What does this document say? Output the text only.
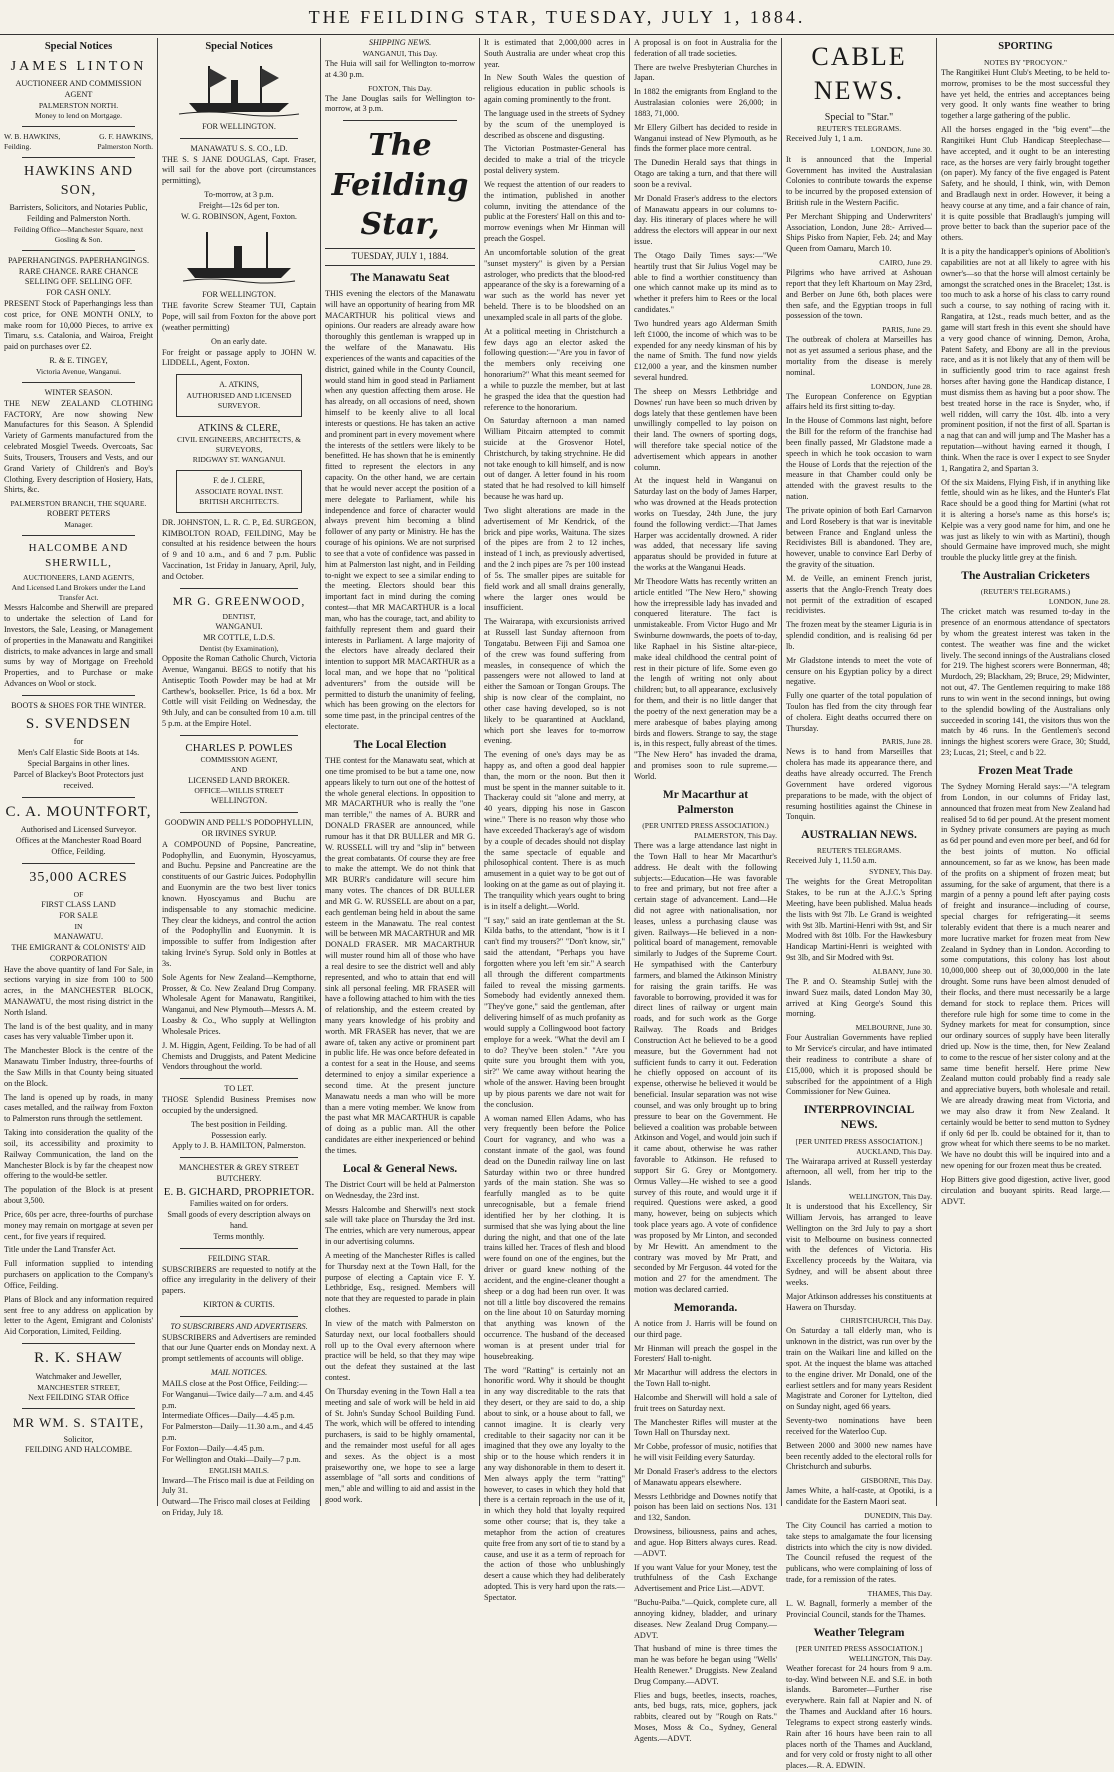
THE FEILDING STAR, TUESDAY, JULY 1, 1884.
Special Notices
JAMES LINTON
AUCTIONEER AND COMMISSION AGENT
PALMERSTON NORTH.
Money to lend on Mortgage.
W. B. HAWKINS, Feilding.
G. F. HAWKINS, Palmerston North.
HAWKINS AND SON,
Barristers, Solicitors, and Notaries Public,
Feilding and Palmerston North.
Feilding Office—Manchester Square, next Gosling & Son.
PAPERHANGINGS. PAPERHANGINGS.
RARE CHANCE. RARE CHANCE
SELLING OFF. SELLING OFF.
FOR CASH ONLY.

PRESENT Stock of Paperhangings less than cost price, for ONE MONTH ONLY, to make room for 10,000 Pieces, to arrive ex Timaru, s.s. Catalonia, and Wairoa, Freight paid on purchases over £2.

R. & E. TINGEY,
Victoria Avenue, Wanganui.
WINTER SEASON.

THE NEW ZEALAND CLOTHING FACTORY, Are now showing New Manufactures for this Season. A Splendid Variety of Garments manufactured from the celebrated Mosgiel Tweeds. Overcoats, Sac Suits, Trousers, Trousers and Vests, and our Grand Variety of Children's and Boy's Clothing. Every description of Hosiery, Hats, Shirts, &c.

PALMERSTON BRANCH, THE SQUARE.
ROBERT PETERS
Manager.
HALCOMBE AND SHERWILL,
AUCTIONEERS, LAND AGENTS,
And Licensed Land Brokers under the Land Transfer Act.

Messrs Halcombe and Sherwill are prepared to undertake the selection of Land for Investors, the Sale, Leasing, or Management of properties in the Manawatu and Rangitikei districts, to make advances in large and small sums by way of Mortgage on Freehold Properties, and to Purchase or make Advances on Wool or stock.

BOOTS & SHOES FOR THE WINTER.
S. SVENDSEN
for
Men's Calf Elastic Side Boots at 14s.
Special Bargains in other lines.
Parcel of Blackey's Boot Protectors just received.
C. A. MOUNTFORT,
Authorised and Licensed Surveyor.
Offices at the Manchester Road Board Office, Feilding.
35,000 ACRES
OF
FIRST CLASS LAND
FOR SALE
IN
MANAWATU.
THE EMIGRANT & COLONISTS' AID CORPORATION

Have the above quantity of land For Sale, in sections varying in size from 100 to 500 acres, in the MANCHESTER BLOCK, MANAWATU, the most rising district in the North Island.

The land is of the best quality, and in many cases has very valuable Timber upon it.

The Manchester Block is the centre of the Manawatu Timber Industry, three-fourths of the Saw Mills in that County being situated on the Block.

The land is opened up by roads, in many cases metalled, and the railway from Foxton to Palmerston runs through the settlement.

Taking into consideration the quality of the soil, its accessibility and proximity to Railway Communication, the land on the Manchester Block is by far the cheapest now offering to the would-be settler.

The population of the Block is at present about 3,500.

Price, 60s per acre, three-fourths of purchase money may remain on mortgage at seven per cent., for five years if required.

Title under the Land Transfer Act.

Full information supplied to intending purchasers on application to the Company's Office, Feilding.

Plans of Block and any information required sent free to any address on application by letter to the Agent, Emigrant and Colonists' Aid Corporation, Limited, Feilding.

R. K. SHAW
Watchmaker and Jeweller,
MANCHESTER STREET,
Next FEILDING STAR Office
MR WM. S. STAITE,
Solicitor,
FEILDING AND HALCOMBE.
Special Notices
FOR WELLINGTON.
MANAWATU S. S. CO., LD.

THE S. S JANE DOUGLAS, Capt. Fraser, will sail for the above port (circumstances permitting),

To-morrow, at 3 p.m.
Freight—12s 6d per ton.
W. G. ROBINSON, Agent, Foxton.
FOR WELLINGTON.

THE favorite Screw Steamer TUI, Captain Pope, will sail from Foxton for the above port (weather permitting)

On an early date.

For freight or passage apply to JOHN W. LIDDELL, Agent, Foxton.

A. ATKINS,
AUTHORISED AND LICENSED SURVEYOR.
ATKINS & CLERE,
CIVIL ENGINEERS, ARCHITECTS, & SURVEYORS,
RIDGWAY ST. WANGANUI.
F. de J. CLERE,
ASSOCIATE ROYAL INST. BRITISH ARCHITECTS.

DR. JOHNSTON, L. R. C. P., Ed. SURGEON, KIMBOLTON ROAD, FEILDING, May be consulted at his residence between the hours of 9 and 10 a.m., and 6 and 7 p.m. Public Vaccination, 1st Friday in January, April, July, and October.

MR G. GREENWOOD,
DENTIST,
WANGANUI.
MR COTTLE, L.D.S.
Dentist (by Examination),

Opposite the Roman Catholic Church, Victoria Avenue, Wanganui. BEGS to notify that his Antiseptic Tooth Powder may be had at Mr Carthew's, bookseller. Price, 1s 6d a box. Mr Cottle will visit Feilding on Wednesday, the 9th July, and can be consulted from 10 a.m. till 5 p.m. at the Empire Hotel.

CHARLES P. POWLES
COMMISSION AGENT,
AND
LICENSED LAND BROKER.
OFFICE—WILLIS STREET
WELLINGTON.
GOODWIN AND PELL'S PODOPHYLLIN, OR IRVINES SYRUP.

A COMPOUND of Popsine, Pancreatine, Podophyllin, and Euonymin, Hyoscyamus, and Buchu. Pepsine and Pancreatine are the constituents of our Gastric Juices. Podophyllin and Euonymin are the two best liver tonics known. Hyoscyamus and Buchu are indispensable to any stomachic medicine. They clear the kidneys, and control the action of the Podophyllin and Euonymin. It is impossible to suffer from Indigestion after taking Irvine's Syrup. Sold only in Bottles at 3s.

Sole Agents for New Zealand—Kempthorne, Prosser, & Co. New Zealand Drug Company. Wholesale Agent for Manawatu, Rangitikei, Wanganui, and New Plymouth—Messrs A. M. Loasby & Co., Who supply at Wellington Wholesale Prices.

J. M. Higgin, Agent, Feilding. To be had of all Chemists and Druggists, and Patent Medicine Vendors throughout the world.

TO LET.

THOSE Splendid Business Premises now occupied by the undersigned.

The best position in Feilding.
Possession early.
Apply to J. B. HAMILTON, Palmerston.
MANCHESTER & GREY STREET BUTCHERY.
E. B. GICHARD, PROPRIETOR.
Families waited on for orders.
Small goods of every description always on hand.
Terms monthly.
FEILDING STAR.

SUBSCRIBERS are requested to notify at the office any irregularity in the delivery of their papers.

KIRTON & CURTIS.
TO SUBSCRIBERS AND ADVERTISERS.

SUBSCRIBERS and Advertisers are reminded that our June Quarter ends on Monday next. A prompt settlements of accounts will oblige.

MAIL NOTICES.
MAILS close at the Post Office, Feilding:—
For Wanganui—Twice daily—7 a.m. and 4.45 p.m.
Intermediate Offices—Daily—4.45 p.m.
For Palmerston—Daily—11.30 a.m., and 4.45 p.m.
For Foxton—Daily—4.45 p.m.
For Wellington and Otaki—Daily—7 p.m.
ENGLISH MAILS.
Inward—The Frisco mail is due at Feilding on July 31.
Outward—The Frisco mail closes at Feilding on Friday, July 18.
SHIPPING NEWS.
WANGANUI, This Day.

The Huia will sail for Wellington to-morrow at 4.30 p.m.

FOXTON, This Day.

The Jane Douglas sails for Wellington to-morrow, at 3 p.m.

The Feilding Star,
TUESDAY, JULY 1, 1884.
The Manawatu Seat

THIS evening the electors of the Manawatu will have an opportunity of hearing from MR MACARTHUR his political views and opinions. Our readers are already aware how thoroughly this gentleman is wrapped up in the welfare of the Manawatu. His experiences of the wants and capacities of the district, gained while in the County Council, would stand him in good stead in Parliament when any question affecting them arose. He has already, on all occasions of need, shown himself to be keenly alive to all local interests or questions. He has taken an active and prominent part in every movement where the interests of the settlers were likely to be benefitted. He has shown that he is eminently fitted to represent the electors in any capacity. On the other hand, we are certain that he would never accept the position of a mere delegate to Parliament, while his independence and force of character would always prevent him becoming a blind follower of any party or Ministry. He has the courage of his opinions. We are not surprised to see that a vote of confidence was passed in him at Palmerston last night, and in Feilding to-night we expect to see a similar ending to the meeting. Electors should bear this important fact in mind during the coming contest—that MR MACARTHUR is a local man, who has the courage, tact, and ability to faithfully represent them and guard their interests in Parliament. A large majority of the electors have already declared their intention to support MR MACARTHUR as a local man, and we hope that no "political adventurers" from the outside will be permitted to disturb the unanimity of feeling, which has been growing on the electors for some time past, in the principal centres of the electorate.

The Local Election

THE contest for the Manawatu seat, which at one time promised to be but a tame one, now appears likely to turn out one of the hottest of the whole general elections. In opposition to MR MACARTHUR who is really the "one man terrible," the names of A. BURR and DONALD FRASER are announced, while rumour has it that DR BULLER and MR G. W. RUSSELL will try and "slip in" between the great combatants. Of course they are free to make the attempt. We do not think that MR BURR's candidature will secure him many votes. The chances of DR BULLER and MR G. W. RUSSELL are about on a par, each gentleman being held in about the same esteem in the Manawatu. The real contest will be between MR MACARTHUR and MR DONALD FRASER. MR MACARTHUR will muster round him all of those who have a real desire to see the district well and ably represented, and who to attain that end will sink all personal feeling. MR FRASER will have a following attached to him with the ties of relationship, and the esteem created by many years knowledge of his probity and worth. MR FRASER has never, that we are aware of, taken any active or prominent part in public life. He was once before defeated in a contest for a seat in the House, and seems determined to enjoy a similar experience a second time. At the present juncture Manawatu needs a man who will be more than a mere voting member. We know from the past what MR MACARTHUR is capable of doing as a public man. All the other candidates are either inexperienced or behind the times.

Local & General News.

The District Court will be held at Palmerston on Wednesday, the 23rd inst.

Messrs Halcombe and Sherwill's next stock sale will take place on Thursday the 3rd inst. The entries, which are very numerous, appear in our advertising columns.

A meeting of the Manchester Rifles is called for Thursday next at the Town Hall, for the purpose of electing a Captain vice F. Y. Lethbridge, Esq., resigned. Members will note that they are requested to parade in plain clothes.

In view of the match with Palmerston on Saturday next, our local footballers should roll up to the Oval every afternoon where practice will be held, so that they may wipe out the defeat they sustained at the last contest.

On Thursday evening in the Town Hall a tea meeting and sale of work will be held in aid of St. John's Sunday School Building Fund. The work, which will be offered to intending purchasers, is said to be highly ornamental, and the remainder most useful for all ages and sexes. As the object is a most praiseworthy one, we hope to see a large assemblage of "all sorts and conditions of men," able and willing to aid and assist in the good work.

It is estimated that 2,000,000 acres in South Australia are under wheat crop this year.

In New South Wales the question of religious education in public schools is again coming prominently to the front.

The language used in the streets of Sydney by the scum of the unemployed is described as obscene and disgusting.

The Victorian Postmaster-General has decided to make a trial of the tricycle postal delivery system.

We request the attention of our readers to the intimation, published in another column, inviting the attendance of the public at the Foresters' Hall on this and to-morrow evenings when Mr Hinman will preach the Gospel.

An uncomfortable solution of the great "sunset mystery" is given by a Persian astrologer, who predicts that the blood-red appearance of the sky is a forewarning of a war such as the world has never yet beheld. There is to be bloodshed on an unexampled scale in all parts of the globe.

At a political meeting in Christchurch a few days ago an elector asked the following question:—"Are you in favor of the members only receiving one honorarium?" What this meant seemed for a while to puzzle the member, but at last he grasped the idea that the question had reference to the honorarium.

On Saturday afternoon a man named William Pitcairn attempted to commit suicide at the Grosvenor Hotel, Christchurch, by taking strychnine. He did not take enough to kill himself, and is now out of danger. A letter found in his room stated that he had resolved to kill himself because he was hard up.

Two slight alterations are made in the advertisement of Mr Kendrick, of the brick and pipe works, Waituna. The sizes of the pipes are from 2 to 12 inches, instead of 1 inch, as previously advertised, and the 2 inch pipes are 7s per 100 instead of 5s. The smaller pipes are suitable for field work and all small drains generally, where the larger ones would be insufficient.

The Wairarapa, with excursionists arrived at Russell last Sunday afternoon from Tongatabu. Between Fiji and Samoa one of the crew was found suffering from measles, in consequence of which the passengers were not allowed to land at either the Samoan or Tongan Groups. The ship is now clear of the complaint, no other case having developed, so is not likely to be quarantined at Auckland, which port she leaves for to-morrow evening.

The evening of one's days may be as happy as, and often a good deal happier than, the morn or the noon. But then it must be spent in the manner suitable to it. Thackeray could sit "alone and merry, at 40 years, dipping his nose in Gascon wine." There is no reason why those who have exceeded Thackeray's age of wisdom by a couple of decades should not display the same spectacle of equable and philosophical content. There is as much amusement in a quiet way to be got out of looking on at the game as out of playing it. The tranquility which years ought to bring is in itself a delight.—World.

"I say," said an irate gentleman at the St. Kilda baths, to the attendant, "how is it I can't find my trousers?" "Don't know, sir," said the attendant, "Perhaps you have forgotten where you left 'em sir." A search all through the different compartments failed to reveal the missing garments. Somebody had evidently annexed them. "They've gone," said the gentleman, after delivering himself of as much profanity as would supply a Collingwood boot factory employe for a week. "What the devil am I to do? They've been stolen." "Are you quite sure you brought them with you, sir?" We came away without hearing the whole of the answer. Having been brought up by pious parents we dare not wait for the conclusion.

A woman named Ellen Adams, who has very frequently been before the Police Court for vagrancy, and who was a constant inmate of the gaol, was found dead on the Dunedin railway line on last Saturday within two or three hundred yards of the main station. She was so fearfully mangled as to be quite unrecognisable, but a female friend identified her by her clothing. It is surmised that she was lying about the line during the night, and that one of the late trains killed her. Traces of flesh and blood were found on one of the engines, but the driver or guard knew nothing of the accident, and the engine-cleaner thought a sheep or a dog had been run over. It was not till a little boy discovered the remains on the line about 10 on Saturday morning that anything was known of the occurrence. The husband of the deceased woman is at present under trial for housebreaking.

The word "Ratting" is certainly not an honorific word. Why it should be thought in any way discreditable to the rats that they desert, or they are said to do, a ship about to sink, or a house about to fall, we cannot imagine. It is clearly very creditable to their sagacity nor can it be imagined that they owe any loyalty to the ship or to the house which renders it in any way dishonorable in them to desert it. Men always apply the term "ratting" however, to cases in which they hold that there is a certain reproach in the use of it, in which they hold that loyalty required some other course; that is, they take a metaphor from the action of creatures quite free from any sort of tie to stand by a cause, and use it as a term of reproach for the action of those who unblushingly desert a cause which they had deliberately adopted. This is very hard upon the rats.—Spectator.

A proposal is on foot in Australia for the federation of all trade societies.

There are twelve Presbyterian Churches in Japan.

In 1882 the emigrants from England to the Australasian colonies were 26,000; in 1883, 71,000.

Mr Ellery Gilbert has decided to reside in Wanganui instead of New Plymouth, as he finds the former place more central.

The Dunedin Herald says that things in Otago are taking a turn, and that there will soon be a revival.

Mr Donald Fraser's address to the electors of Manawatu appears in our columns to-day. His itinerary of places where he will address the electors will appear in our next issue.

The Otago Daily Times says:—"We heartily trust that Sir Julius Vogel may be able to find a worthier constituency than one which cannot make up its mind as to whether it prefers him to Rees or the local candidates."

Two hundred years ago Alderman Smith left £1000, the income of which was to be expended for any needy kinsman of his by the name of Smith. The fund now yields £12,000 a year, and the kinsmen number several hundred.

The sheep on Messrs Lethbridge and Downes' run have been so much driven by dogs lately that these gentlemen have been unwillingly compelled to lay poison on their land. The owners of sporting dogs, will therefore take special notice of the advertisement which appears in another column.

At the inquest held in Wanganui on Saturday last on the body of James Harper, who was drowned at the Heads protection works on Tuesday, 24th June, the jury found the following verdict:—That James Harper was accidentally drowned. A rider was added, that necessary life saving apparatus should be provided in future at the works at the Wanganui Heads.

Mr Theodore Watts has recently written an article entitled "The New Hero," showing how the irrepressible lady has invaded and conquered literature. The fact is unmistakeable. From Victor Hugo and Mr Swinburne downwards, the poets of to-day, like Raphael in his Sistine altar-piece, make ideal childhood the central point of rest in their picture of life. Some even go the length of writing not only about children; but, to all appearance, exclusively for them, and their is no little danger that the poetry of the next generation may be a mere arabesque of babes playing among birds and flowers. Strange to say, the stage is, in this respect, fully abreast of the times. "The New Hero" has invaded the drama, and promises soon to rule supreme.—World.

Mr Macarthur at Palmerston
(PER UNITED PRESS ASSOCIATION.)
PALMERSTON, This Day.

There was a large attendance last night in the Town Hall to hear Mr Macarthur's address. He dealt with the following subjects:—Education—He was favorable to free and primary, but not free after a certain stage of advancement. Land—He did not agree with nationalisation, nor leases, unless a purchasing clause was given. Railways—He believed in a non-political board of management, removable similarly to Judges of the Supreme Court. He sympathised with the Canterbury farmers, and blamed the Atkinson Ministry for raising the grain tariffs. He was favorable to borrowing, provided it was for direct lines of railway or urgent main roads, and for such work as the Gorge Railway. The Roads and Bridges Construction Act he believed to be a good measure, but the Government had not sufficient funds to carry it out. Federation he chiefly opposed on account of its expense, otherwise he believed it would be beneficial. Insular separation was not wise counsel, and was only brought up to bring pressure to bear on the Government. He believed a coalition was probable between Atkinson and Vogel, and would join such if it came about, otherwise he was rather favorable to Atkinson. He refused to support Sir G. Grey or Montgomery. Ormus Valley—He wished to see a good survey of this route, and would urge it if required. Questions were asked, a good many, however, being on subjects which took place years ago. A vote of confidence was proposed by Mr Linton, and seconded by Mr Hewitt. An amendment to the contrary was moved by Mr Pratt, and seconded by Mr Ferguson. 44 voted for the motion and 27 for the amendment. The motion was declared carried.

Memoranda.

A notice from J. Harris will be found on our third page.

Mr Hinman will preach the gospel in the Foresters' Hall to-night.

Mr Macarthur will address the electors in the Town Hall to-night.

Halcombe and Sherwill will hold a sale of fruit trees on Saturday next.

The Manchester Rifles will muster at the Town Hall on Thursday next.

Mr Cobbe, professor of music, notifies that he will visit Feilding every Saturday.

Mr Donald Fraser's address to the electors of Manawatu appears elsewhere.

Messrs Lethbridge and Downes notify that poison has been laid on sections Nos. 131 and 132, Sandon.

Drowsiness, biliousness, pains and aches, and ague. Hop Bitters always cures. Read.—ADVT.

If you want Value for your Money, test the truthfulness of the Cash Exchange Advertisement and Price List.—ADVT.

"Buchu-Paiba."—Quick, complete cure, all annoying kidney, bladder, and urinary diseases. New Zealand Drug Company.—ADVT.

That husband of mine is three times the man he was before he began using "Wells' Health Renewer." Druggists. New Zealand Drug Company.—ADVT.

Flies and bugs, beetles, insects, roaches, ants, bed bugs, rats, mice, gophers, jack rabbits, cleared out by "Rough on Rats." Moses, Moss & Co., Sydney, General Agents.—ADVT.

CABLE NEWS.
Special to "Star."
REUTER'S TELEGRAMS.
Received July 1, 1 a.m.
LONDON, June 30.

It is announced that the Imperial Government has invited the Australasian Colonies to contribute towards the expense to be incurred by the proposed extension of British rule in the Western Pacific.

Per Merchant Shipping and Underwriters' Association, London, June 28:- Arrived—Ships Pisko from Napier, Feb. 24; and May Queen from Oamaru, March 10.

CAIRO, June 29.

Pilgrims who have arrived at Ashouan report that they left Khartoum on May 23rd, and Berber on June 6th, both places were then safe, and the Egyptian troops in full possession of the town.

PARIS, June 29.

The outbreak of cholera at Marseilles has not as yet assumed a serious phase, and the mortality from the disease is merely nominal.

LONDON, June 28.

The European Conference on Egyptian affairs held its first sitting to-day.

In the House of Commons last night, before the Bill for the reform of the franchise had been finally passed, Mr Gladstone made a speech in which he took occasion to warn the House of Lords that the rejection of the measure in that Chamber could only be attended with the gravest results to the nation.

The private opinion of both Earl Carnarvon and Lord Rosebery is that war is inevitable between France and England unless the Recidivistes Bill is abandoned. They are, however, unable to convince Earl Derby of the gravity of the situation.

M. de Veille, an eminent French jurist, asserts that the Anglo-French Treaty does not permit of the extradition of escaped recidivistes.

The frozen meat by the steamer Liguria is in splendid condition, and is realising 6d per lb.

Mr Gladstone intends to meet the vote of censure on his Egyptian policy by a direct negative.

Fully one quarter of the total population of Toulon has fled from the city through fear of cholera. Eight deaths occurred there on Thursday.

PARIS, June 28.

News is to hand from Marseilles that cholera has made its appearance there, and deaths have already occurred. The French Government have ordered vigorous preparations to be made, with the object of resuming hostilities against the Chinese in Tonquin.

AUSTRALIAN NEWS.
REUTER'S TELEGRAMS.
Received July 1, 11.50 a.m.
SYDNEY, This Day.

The weights for the Great Metropolitan Stakes, to be run at the A.J.C.'s Spring Meeting, have been published. Malua heads the lists with 9st 7lb. Le Grand is weighted with 9st 3lb. Martini-Henri with 9st, and Sir Modred with 8st 10lb. For the Hawkesbury Handicap Martini-Henri is weighted with 9st 3lb, and Sir Modred with 9st.

ALBANY, June 30.

The P. and O. Steamship Sutlej with the inward Suez mails, dated London May 30, arrived at King George's Sound this morning.

MELBOURNE, June 30.

Four Australian Governments have replied to Mr Service's circular, and have intimated their readiness to contribute a share of £15,000, which it is proposed should be subscribed for the appointment of a High Commissioner for New Guinea.

INTERPROVINCIAL NEWS.
[PER UNITED PRESS ASSOCIATION.]
AUCKLAND, This Day.

The Wairarapa arrived at Russell yesterday afternoon, all well, from her trip to the Islands.

WELLINGTON, This Day.

It is understood that his Excellency, Sir William Jervois, has arranged to leave Wellington on the 3rd July to pay a short visit to Melbourne on business connected with the defences of Victoria. His Excellency proceeds by the Waitara, via Sydney, and will be absent about three weeks.

Major Atkinson addresses his constituents at Hawera on Thursday.

CHRISTCHURCH, This Day.

On Saturday a tall elderly man, who is unknown in the district, was run over by the train on the Waikari line and killed on the spot. At the inquest the blame was attached to the engine driver. Mr Donald, one of the earliest settlers and for many years Resident Magistrate and Coroner for Lyttelton, died on Sunday night, aged 66 years.

Seventy-two nominations have been received for the Waterloo Cup.

Between 2000 and 3000 new names have been recently added to the electoral rolls for Christchurch and suburbs.

GISBORNE, This Day.

James White, a half-caste, at Opotiki, is a candidate for the Eastern Maori seat.

DUNEDIN, This Day.

The City Council has carried a motion to take steps to amalgamate the four licensing districts into which the city is now divided. The Council refused the request of the publicans, who were complaining of loss of trade, for a remission of the rates.

THAMES, This Day.

L. W. Bagnall, formerly a member of the Provincial Council, stands for the Thames.

Weather Telegram
[PER UNITED PRESS ASSOCIATION.]
WELLINGTON, This Day.

Weather forecast for 24 hours from 9 a.m. to-day. Wind between N.E. and S.E. in both islands. Barometer—Further rise everywhere. Rain fall at Napier and N. of the Thames and Auckland after 16 hours. Telegrams to expect strong easterly winds. Rain after 16 hours have been rain to all places north of the Thames and Auckland, and for very cold or frosty night to all other places.—R. A. EDWIN.

SPORTING
NOTES BY "PROCYON."

The Rangitikei Hunt Club's Meeting, to be held to-morrow, promises to be the most successful they have yet held, the entries and acceptances being very good. It only wants fine weather to bring together a large gathering of the public.

All the horses engaged in the "big event"—the Rangitikei Hunt Club Handicap Steeplechase—have accepted, and it ought to be an interesting race, as the horses are very fairly brought together (on paper). My fancy of the five engaged is Patent Safety, and he should, I think, win, with Demon and Bradlaugh next in order. However, it being a heavy course at any time, and a fair chance of rain, it is quite possible that Bradlaugh's jumping will prove better to back than the superior pace of the others.

It is a pity the handicapper's opinions of Abolition's capabilities are not at all likely to agree with his owner's—so that the horse will almost certainly be amongst the scratched ones in the Bracelet; 13st. is too much to ask a horse of his class to carry round such a course, to say nothing of racing with it. Rangatira, at 12st., reads much better, and as the game will start fresh in this event she should have a very good chance of winning. Demon, Aroha, Patent Safety, and Ebony are all in the previous race, and as it is not likely that any of them will be in sufficiently good trim to race against fresh horses after having gone the Handicap distance, I must dismiss them as having but a poor show. The best treated horse in the race is Snyder, who, if well ridden, will carry the 10st. 4lb. into a very prominent position, if not the first of all. Spartan is a nag that can and will jump and The Masher has a reputation—without having earned it though, I think. When the race is over I expect to see Snyder 1, Rangatira 2, and Spartan 3.

Of the six Maidens, Flying Fish, if in anything like fettle, should win as he likes, and the Hunter's Flat Race should be a good thing for Martini (what rot it is altering a horse's name as this horse's is; Kelpie was a very good name for him, and one he was just as likely to win with as Martini), though should Germaine have improved much, she might trouble the plucky little grey at the finish.

The Australian Cricketers
(REUTER'S TELEGRAMS.)
LONDON, June 28.

The cricket match was resumed to-day in the presence of an enormous attendance of spectators by whom the greatest interest was taken in the contest. The weather was fine and the wicket lively. The second innings of the Australians closed for 219. The highest scorers were Bonnerman, 48; Murdoch, 29; Blackham, 29; Bruce, 29; Midwinter, not out, 47. The Gentlemen requiring to make 188 runs to win went in the second innings, but owing to the splendid bowling of the Australians only succeeded in scoring 141, the visitors thus won the match by 46 runs. In the Gentlemen's second innings the highest scorers were Grace, 30; Studd, 23; Lucas, 21; Steel, c and b 22.

Frozen Meat Trade

The Sydney Morning Herald says:—"A telegram from London, in our columns of Friday last, announced that frozen meat from New Zealand had realised 5d to 6d per pound. At the present moment in Sydney private consumers are paying as much as 6d per pound and even more per beef, and 6d for the best joints of mutton. No official announcement, so far as we know, has been made of the profits on a shipment of frozen meat; but assuming, for the sake of argument, that there is a margin of a penny a pound left after paying costs of freight and insurance—including of course, special charges for refrigerating—it seems tolerably evident that there is a much nearer and more lucrative market for frozen meat from New Zealand in Sydney than in London. According to some computations, this colony has lost about 10,000,000 sheep out of 30,000,000 in the late drought. Some runs have been almost denuded of their flocks, and there must necessarily be a large demand for stock to replace them. Prices will therefore rule high for some time to come in the Sydney markets for meat for consumption, since our ordinary sources of supply have been literally dried up. Now is the time, then, for New Zealand to come to the rescue of her sister colony and at the same time benefit herself. Here prime New Zealand mutton could probably find a ready sale and appreciative buyers, both wholesale and retail. We are already drawing meat from Victoria, and we may also draw it from New Zealand. It certainly would be better to send mutton to Sydney if only 6d per lb. could be obtained for it, than to grow wheat for which there seems to be no market. We have no doubt this will be inquired into and a new opening for our frozen meat thus be created.

Hop Bitters give good digestion, active liver, good circulation and buoyant spirits. Read large.—ADVT.
